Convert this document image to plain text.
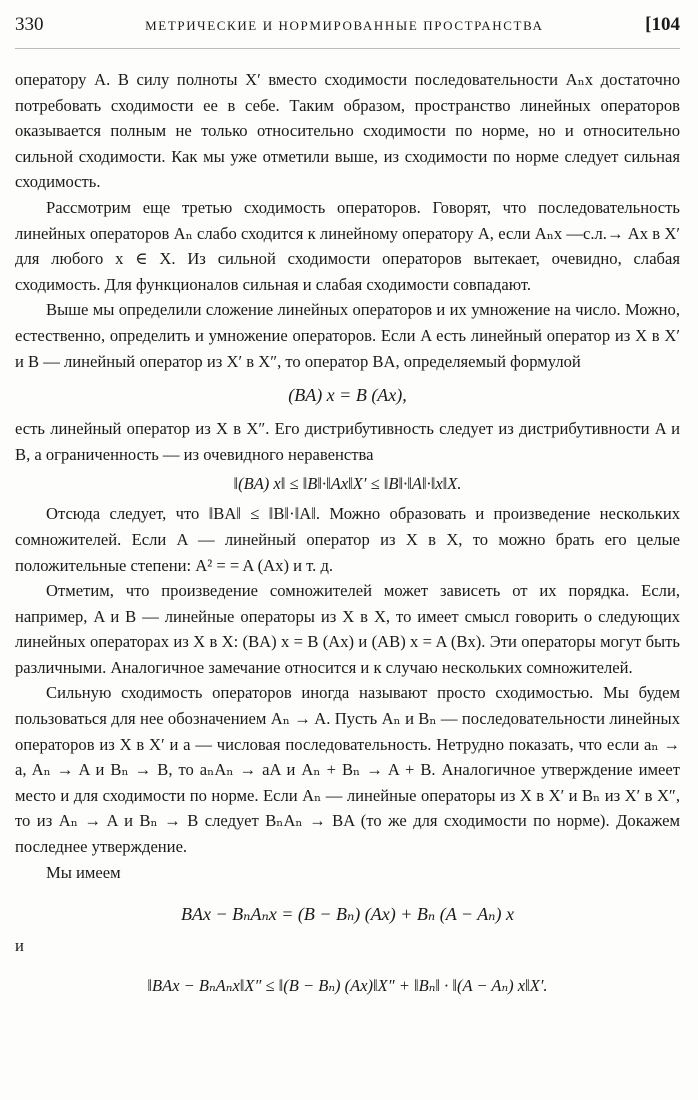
330	МЕТРИЧЕСКИЕ И НОРМИРОВАННЫЕ ПРОСТРАНСТВА	[104

оператору A. В силу полноты X′ вместо сходимости последовательности Aₙx достаточно потребовать сходимости ее в себе. Таким образом, пространство линейных операторов оказывается полным не только относительно сходимости по норме, но и относительно сильной сходимости. Как мы уже отметили выше, из сходимости по норме следует сильная сходимость.

Рассмотрим еще третью сходимость операторов. Говорят, что последовательность линейных операторов Aₙ слабо сходится к линейному оператору A, если Aₙx —с.л.→ Ax в X′ для любого x ∈ X. Из сильной сходимости операторов вытекает, очевидно, слабая сходимость. Для функционалов сильная и слабая сходимости совпадают.

Выше мы определили сложение линейных операторов и их умножение на число. Можно, естественно, определить и умножение операторов. Если A есть линейный оператор из X в X′ и B — линейный оператор из X′ в X″, то оператор BA, определяемый формулой

(BA) x = B (Ax),

есть линейный оператор из X в X″. Его дистрибутивность следует из дистрибутивности A и B, а ограниченность — из очевидного неравенства

‖(BA) x‖ ≤ ‖B‖·‖Ax‖X′ ≤ ‖B‖·‖A‖·‖x‖X.

Отсюда следует, что ‖BA‖ ≤ ‖B‖·‖A‖. Можно образовать и произведение нескольких сомножителей. Если A — линейный оператор из X в X, то можно брать его целые положительные степени: A² = = A (Ax) и т. д.

Отметим, что произведение сомножителей может зависеть от их порядка. Если, например, A и B — линейные операторы из X в X, то имеет смысл говорить о следующих линейных операторах из X в X: (BA) x = B (Ax) и (AB) x = A (Bx). Эти операторы могут быть различными. Аналогичное замечание относится и к случаю нескольких сомножителей.

Сильную сходимость операторов иногда называют просто сходимостью. Мы будем пользоваться для нее обозначением Aₙ → A. Пусть Aₙ и Bₙ — последовательности линейных операторов из X в X′ и a — числовая последовательность. Нетрудно показать, что если aₙ → a, Aₙ → A и Bₙ → B, то aₙAₙ → aA и Aₙ + Bₙ → A + B. Аналогичное утверждение имеет место и для сходимости по норме. Если Aₙ — линейные операторы из X в X′ и Bₙ из X′ в X″, то из Aₙ → A и Bₙ → B следует BₙAₙ → BA (то же для сходимости по норме). Докажем последнее утверждение.

Мы имеем

BAx − BₙAₙx = (B − Bₙ) (Ax) + Bₙ (A − Aₙ) x
и
‖BAx − BₙAₙx‖X″ ≤ ‖(B − Bₙ) (Ax)‖X″ + ‖Bₙ‖ · ‖(A − Aₙ) x‖X′.
